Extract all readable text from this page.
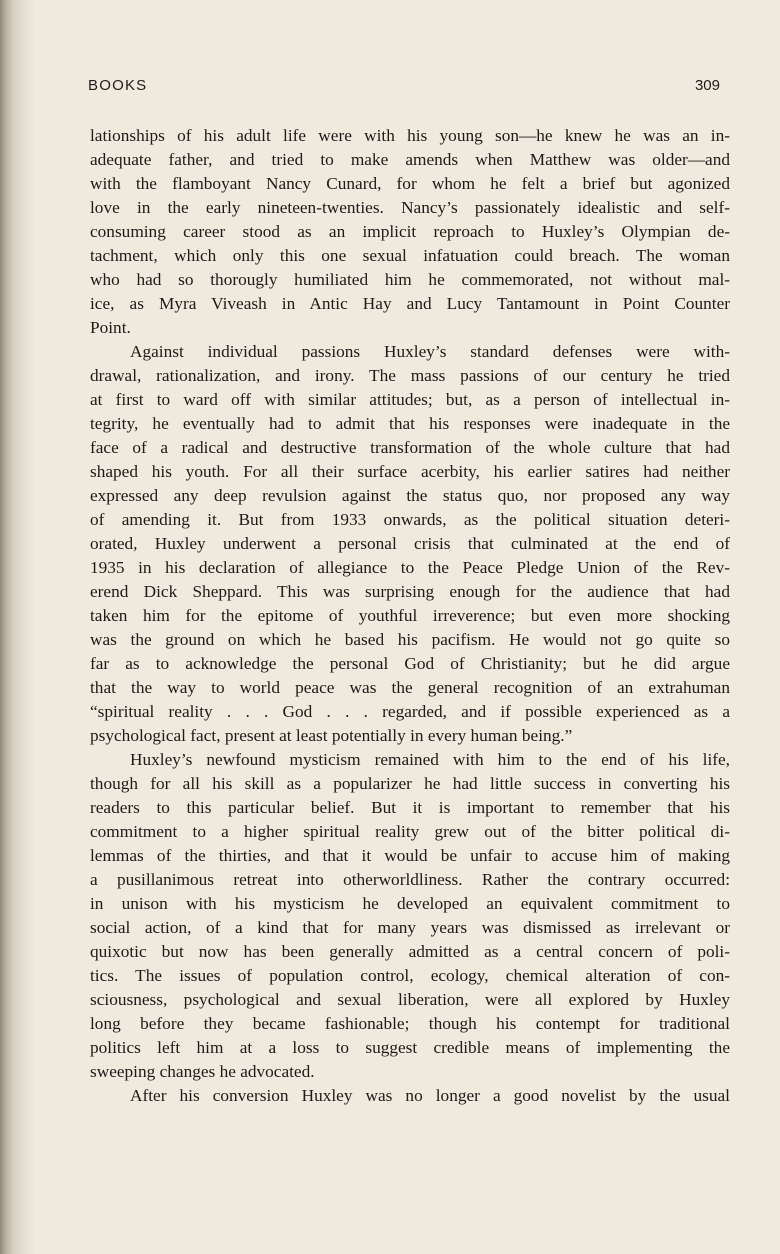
BOOKS	309
lationships of his adult life were with his young son—he knew he was an in-
adequate father, and tried to make amends when Matthew was older—and
with the flamboyant Nancy Cunard, for whom he felt a brief but agonized
love in the early nineteen-twenties. Nancy’s passionately idealistic and self-
consuming career stood as an implicit reproach to Huxley’s Olympian de-
tachment, which only this one sexual infatuation could breach. The woman
who had so thorougly humiliated him he commemorated, not without mal-
ice, as Myra Viveash in Antic Hay and Lucy Tantamount in Point Counter
Point.
Against individual passions Huxley’s standard defenses were with-
drawal, rationalization, and irony. The mass passions of our century he tried
at first to ward off with similar attitudes; but, as a person of intellectual in-
tegrity, he eventually had to admit that his responses were inadequate in the
face of a radical and destructive transformation of the whole culture that had
shaped his youth. For all their surface acerbity, his earlier satires had neither
expressed any deep revulsion against the status quo, nor proposed any way
of amending it. But from 1933 onwards, as the political situation deteri-
orated, Huxley underwent a personal crisis that culminated at the end of
1935 in his declaration of allegiance to the Peace Pledge Union of the Rev-
erend Dick Sheppard. This was surprising enough for the audience that had
taken him for the epitome of youthful irreverence; but even more shocking
was the ground on which he based his pacifism. He would not go quite so
far as to acknowledge the personal God of Christianity; but he did argue
that the way to world peace was the general recognition of an extrahuman
“spiritual reality . . . God . . . regarded, and if possible experienced as a
psychological fact, present at least potentially in every human being.”
Huxley’s newfound mysticism remained with him to the end of his life,
though for all his skill as a popularizer he had little success in converting his
readers to this particular belief. But it is important to remember that his
commitment to a higher spiritual reality grew out of the bitter political di-
lemmas of the thirties, and that it would be unfair to accuse him of making
a pusillanimous retreat into otherworldliness. Rather the contrary occurred:
in unison with his mysticism he developed an equivalent commitment to
social action, of a kind that for many years was dismissed as irrelevant or
quixotic but now has been generally admitted as a central concern of poli-
tics. The issues of population control, ecology, chemical alteration of con-
sciousness, psychological and sexual liberation, were all explored by Huxley
long before they became fashionable; though his contempt for traditional
politics left him at a loss to suggest credible means of implementing the
sweeping changes he advocated.
After his conversion Huxley was no longer a good novelist by the usual
